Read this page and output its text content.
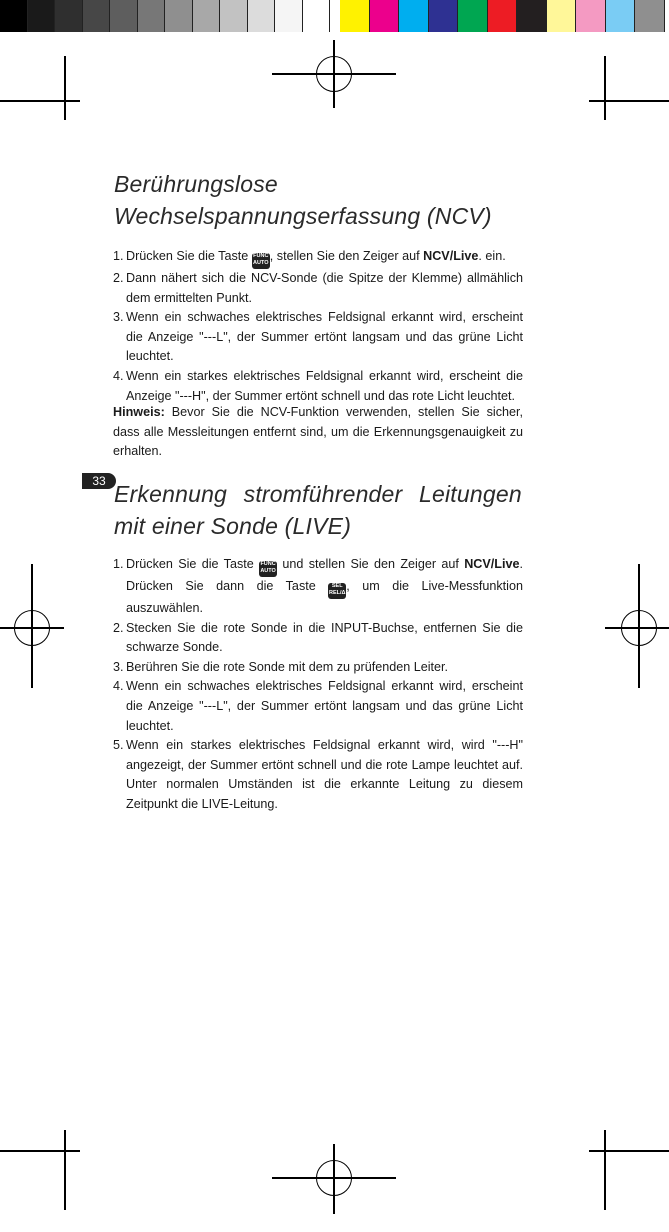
Berührungslose
Wechselspannungserfassung (NCV)
1. Drücken Sie die Taste FUNC
AUTO , stellen Sie den Zeiger auf NCV/Live. ein.
2. Dann nähert sich die NCV-Sonde (die Spitze der Klemme) allmählich dem ermittelten Punkt.
3. Wenn ein schwaches elektrisches Feldsignal erkannt wird, erscheint die Anzeige "---L", der Summer ertönt langsam und das grüne Licht leuchtet.
4. Wenn ein starkes elektrisches Feldsignal erkannt wird, erscheint die Anzeige "---H", der Summer ertönt schnell und das rote Licht leuchtet.

Hinweis: Bevor Sie die NCV-Funktion verwenden, stellen Sie sicher, dass alle Messleitungen entfernt sind, um die Erkennungsgenauigkeit zu erhalten.

33 Erkennung stromführender Leitungen
mit einer Sonde (LIVE)
1. Drücken Sie die Taste FUNC
AUTO und stellen Sie den Zeiger auf NCV/Live. Drücken Sie dann die Taste SEL
REL/Δ , um die Live-Messfunktion auszuwählen.
2. Stecken Sie die rote Sonde in die INPUT-Buchse, entfernen Sie die schwarze Sonde.
3. Berühren Sie die rote Sonde mit dem zu prüfenden Leiter.
4. Wenn ein schwaches elektrisches Feldsignal erkannt wird, erscheint die Anzeige "---L", der Summer ertönt langsam und das grüne Licht leuchtet.
5. Wenn ein starkes elektrisches Feldsignal erkannt wird, wird "---H" angezeigt, der Summer ertönt schnell und die rote Lampe leuchtet auf. Unter normalen Umständen ist die erkannte Leitung zu diesem Zeitpunkt die LIVE-Leitung.
